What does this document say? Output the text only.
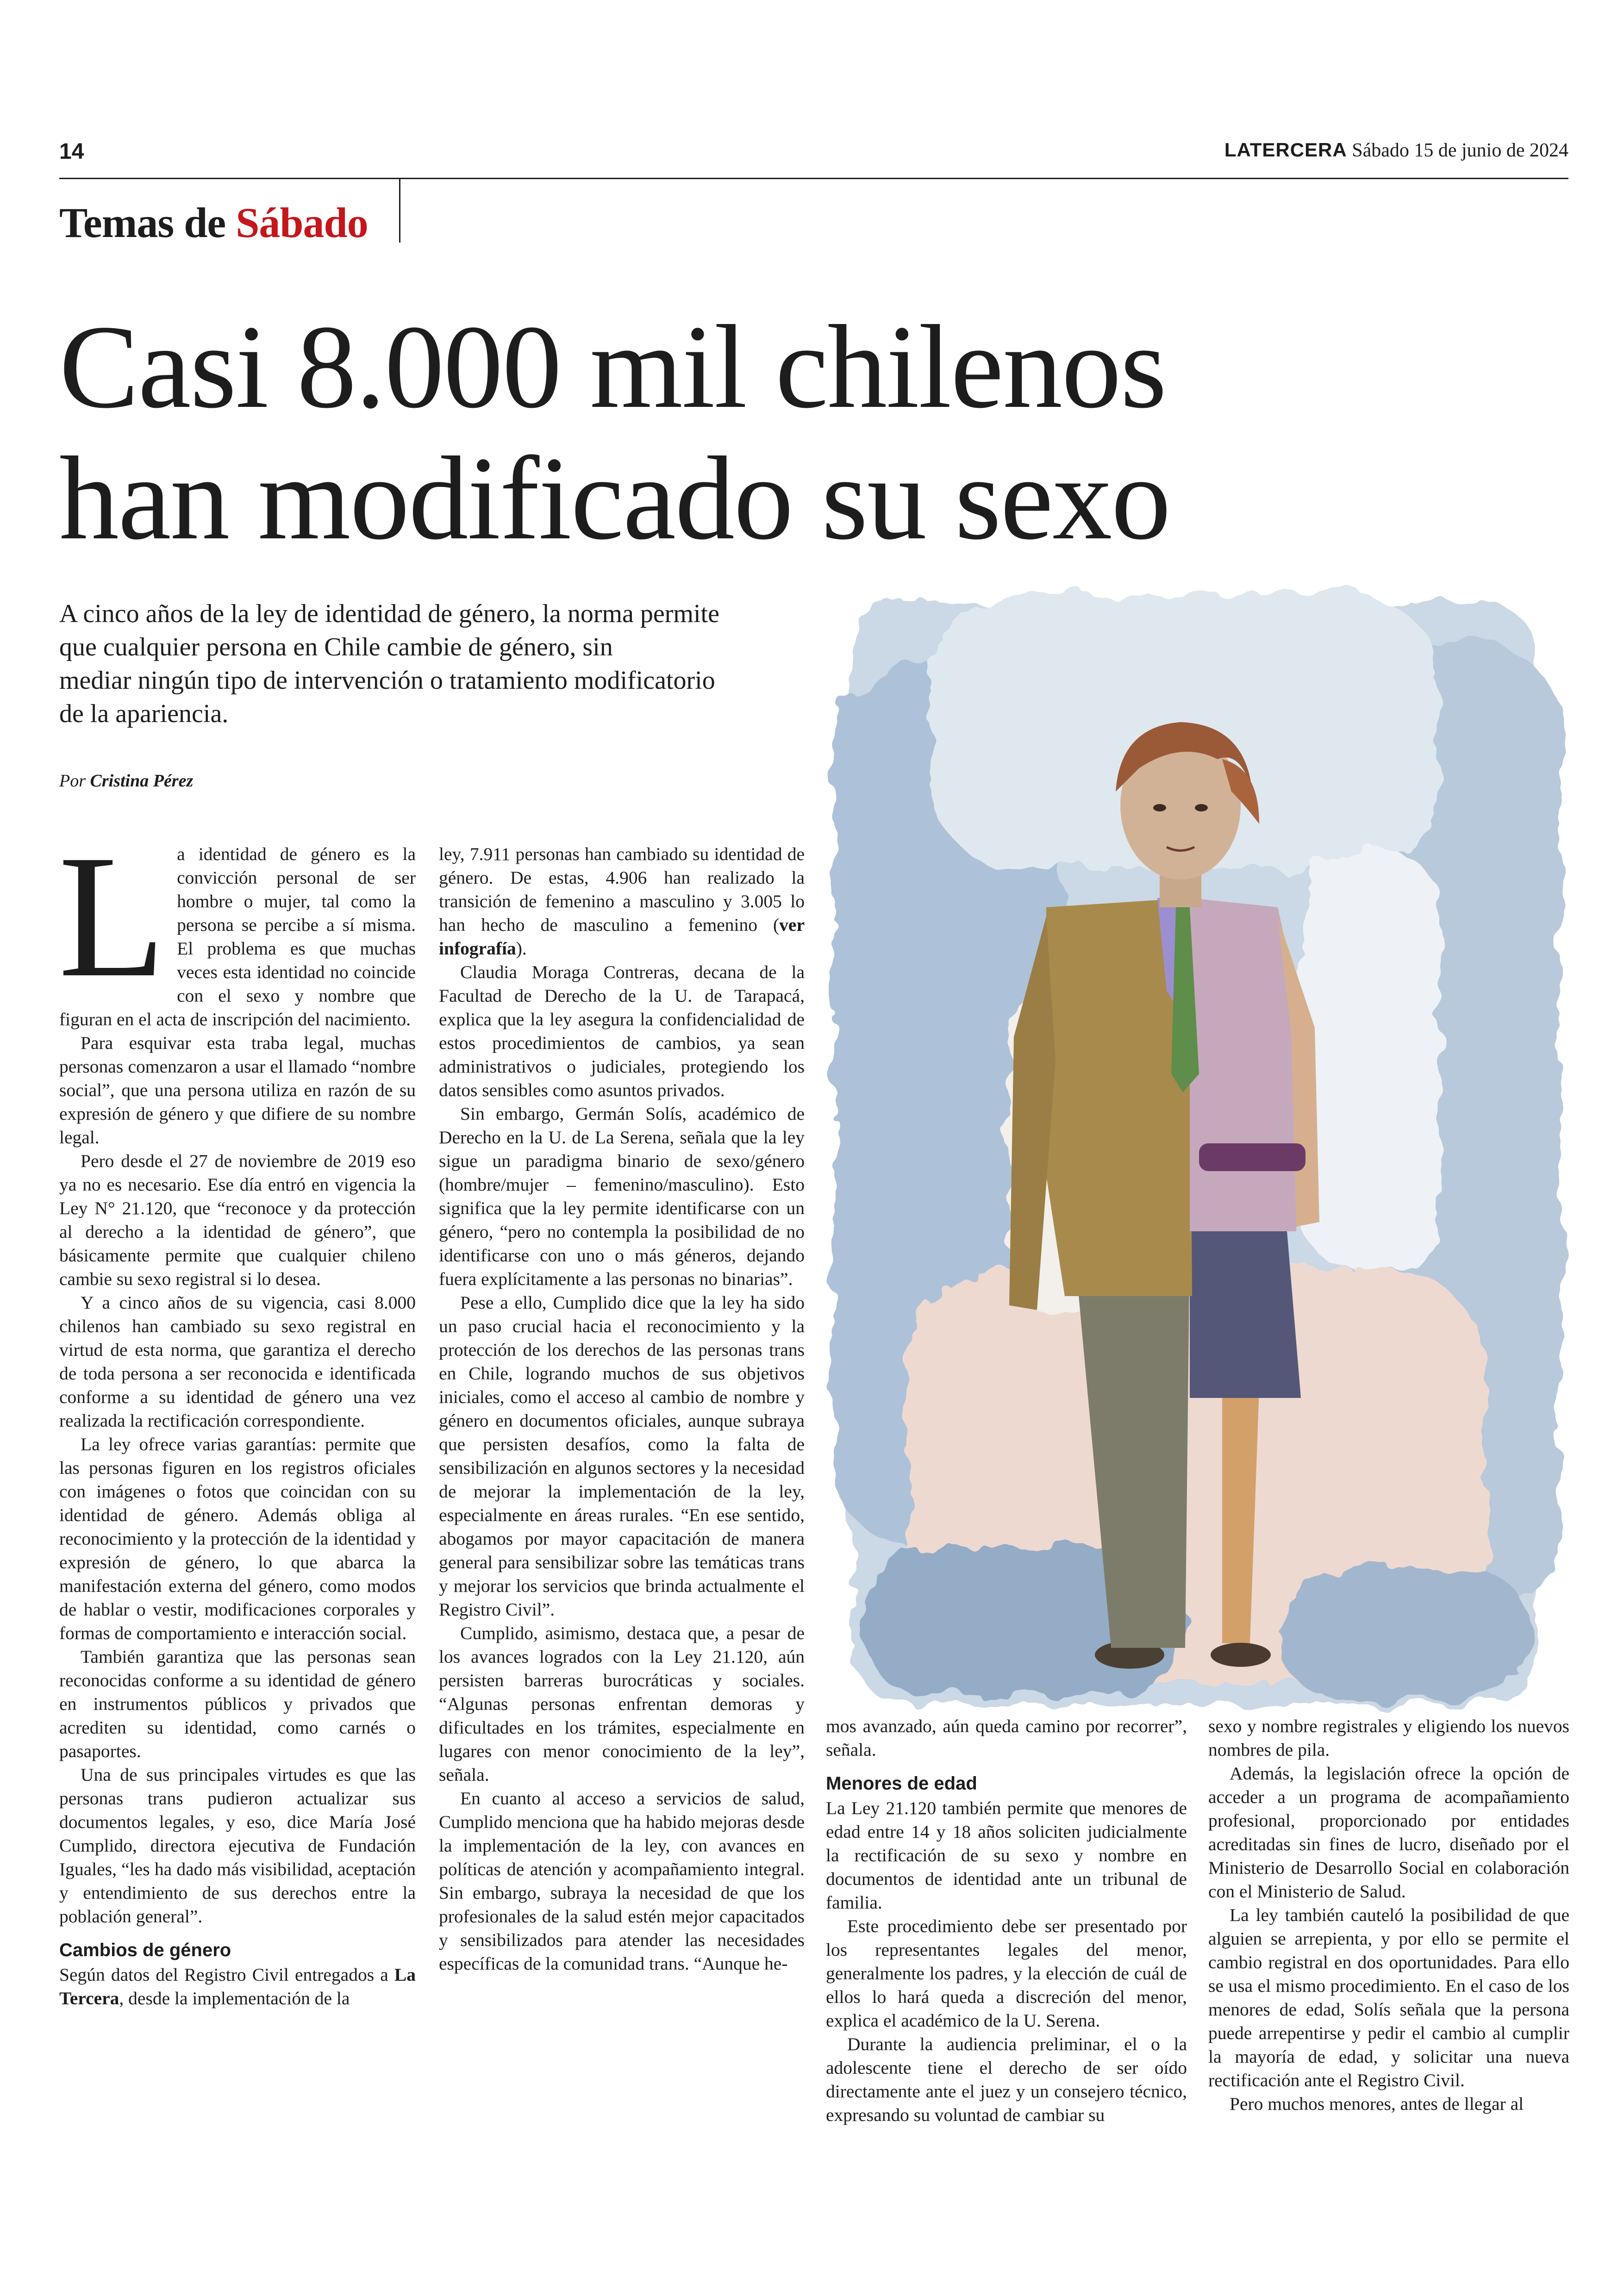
14	LATERCERA Sábado 15 de junio de 2024
Temas de Sábado
Casi 8.000 mil chilenos
han modificado su sexo
A cinco años de la ley de identidad de género, la norma permite
que cualquier persona en Chile cambie de género, sin
mediar ningún tipo de intervención o tratamiento modificatorio
de la apariencia.
Por Cristina Pérez

La identidad de género es la convicción personal de ser hombre o mujer, tal como la persona se percibe a sí misma. El problema es que muchas veces esta identidad no coincide con el sexo y nombre que figuran en el acta de inscripción del nacimiento.

Para esquivar esta traba legal, muchas personas comenzaron a usar el llamado “nombre social”, que una persona utiliza en razón de su expresión de género y que difiere de su nombre legal.

Pero desde el 27 de noviembre de 2019 eso ya no es necesario. Ese día entró en vigencia la Ley N° 21.120, que “reconoce y da protección al derecho a la identidad de género”, que básicamente permite que cualquier chileno cambie su sexo registral si lo desea.

Y a cinco años de su vigencia, casi 8.000 chilenos han cambiado su sexo registral en virtud de esta norma, que garantiza el derecho de toda persona a ser reconocida e identificada conforme a su identidad de género una vez realizada la rectificación correspondiente.

La ley ofrece varias garantías: permite que las personas figuren en los registros oficiales con imágenes o fotos que coincidan con su identidad de género. Además obliga al reconocimiento y la protección de la identidad y expresión de género, lo que abarca la manifestación externa del género, como modos de hablar o vestir, modificaciones corporales y formas de comportamiento e interacción social.

También garantiza que las personas sean reconocidas conforme a su identidad de género en instrumentos públicos y privados que acrediten su identidad, como carnés o pasaportes.

Una de sus principales virtudes es que las personas trans pudieron actualizar sus documentos legales, y eso, dice María José Cumplido, directora ejecutiva de Fundación Iguales, “les ha dado más visibilidad, aceptación y entendimiento de sus derechos entre la población general”.

Cambios de género

Según datos del Registro Civil entregados a La Tercera, desde la implementación de la

ley, 7.911 personas han cambiado su identidad de género. De estas, 4.906 han realizado la transición de femenino a masculino y 3.005 lo han hecho de masculino a femenino (ver infografía).

Claudia Moraga Contreras, decana de la Facultad de Derecho de la U. de Tarapacá, explica que la ley asegura la confidencialidad de estos procedimientos de cambios, ya sean administrativos o judiciales, protegiendo los datos sensibles como asuntos privados.

Sin embargo, Germán Solís, académico de Derecho en la U. de La Serena, señala que la ley sigue un paradigma binario de sexo/género (hombre/mujer – femenino/masculino). Esto significa que la ley permite identificarse con un género, “pero no contempla la posibilidad de no identificarse con uno o más géneros, dejando fuera explícitamente a las personas no binarias”.

Pese a ello, Cumplido dice que la ley ha sido un paso crucial hacia el reconocimiento y la protección de los derechos de las personas trans en Chile, logrando muchos de sus objetivos iniciales, como el acceso al cambio de nombre y género en documentos oficiales, aunque subraya que persisten desafíos, como la falta de sensibilización en algunos sectores y la necesidad de mejorar la implementación de la ley, especialmente en áreas rurales. “En ese sentido, abogamos por mayor capacitación de manera general para sensibilizar sobre las temáticas trans y mejorar los servicios que brinda actualmente el Registro Civil”.

Cumplido, asimismo, destaca que, a pesar de los avances logrados con la Ley 21.120, aún persisten barreras burocráticas y sociales. “Algunas personas enfrentan demoras y dificultades en los trámites, especialmente en lugares con menor conocimiento de la ley”, señala.

En cuanto al acceso a servicios de salud, Cumplido menciona que ha habido mejoras desde la implementación de la ley, con avances en políticas de atención y acompañamiento integral. Sin embargo, subraya la necesidad de que los profesionales de la salud estén mejor capacitados y sensibilizados para atender las necesidades específicas de la comunidad trans. “Aunque he-

mos avanzado, aún queda camino por recorrer”, señala.

Menores de edad

La Ley 21.120 también permite que menores de edad entre 14 y 18 años soliciten judicialmente la rectificación de su sexo y nombre en documentos de identidad ante un tribunal de familia.

Este procedimiento debe ser presentado por los representantes legales del menor, generalmente los padres, y la elección de cuál de ellos lo hará queda a discreción del menor, explica el académico de la U. Serena.

Durante la audiencia preliminar, el o la adolescente tiene el derecho de ser oído directamente ante el juez y un consejero técnico, expresando su voluntad de cambiar su

sexo y nombre registrales y eligiendo los nuevos nombres de pila.

Además, la legislación ofrece la opción de acceder a un programa de acompañamiento profesional, proporcionado por entidades acreditadas sin fines de lucro, diseñado por el Ministerio de Desarrollo Social en colaboración con el Ministerio de Salud.

La ley también cauteló la posibilidad de que alguien se arrepienta, y por ello se permite el cambio registral en dos oportunidades. Para ello se usa el mismo procedimiento. En el caso de los menores de edad, Solís señala que la persona puede arrepentirse y pedir el cambio al cumplir la mayoría de edad, y solicitar una nueva rectificación ante el Registro Civil.

Pero muchos menores, antes de llegar al
